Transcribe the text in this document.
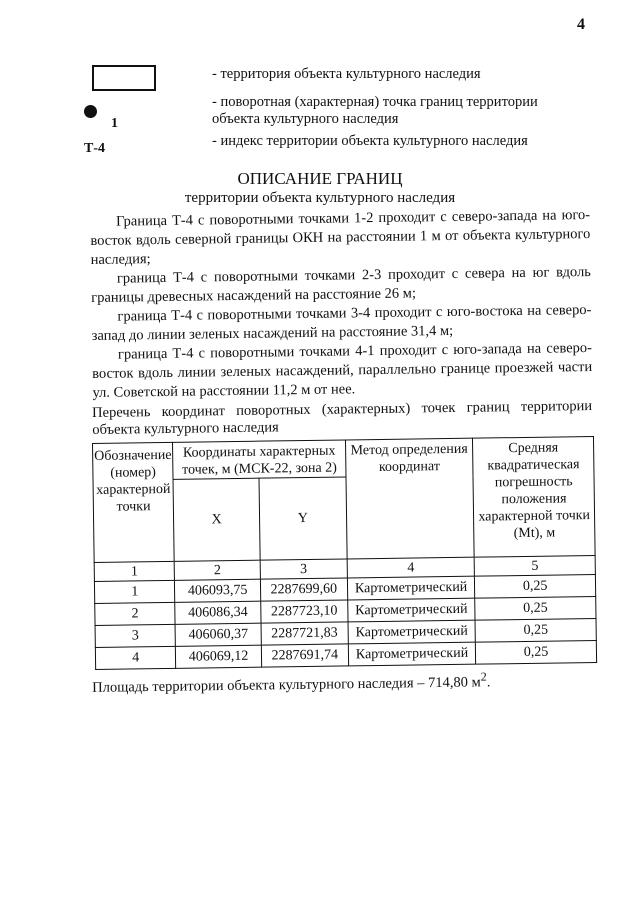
4
- территория объекта культурного наследия
1
- поворотная (характерная) точка границ территории
объекта культурного наследия
Т-4	- индекс территории объекта культурного наследия
ОПИСАНИЕ ГРАНИЦ
территории объекта культурного наследия

Граница Т-4 с поворотными точками 1-2 проходит с северо-запада на юго-восток вдоль северной границы ОКН на расстоянии 1 м от объекта культурного наследия;

граница Т-4 с поворотными точками 2-3 проходит с севера на юг вдоль границы древесных насаждений на расстояние 26 м;

граница Т-4 с поворотными точками 3-4 проходит с юго-востока на северо-запад до линии зеленых насаждений на расстояние 31,4 м;

граница Т-4 с поворотными точками 4-1 проходит с юго-запада на северо-восток вдоль линии зеленых насаждений, параллельно границе проезжей части ул. Советской на расстоянии 11,2 м от нее.

Перечень координат поворотных (характерных) точек границ территории объекта культурного наследия
Обозначение (номер) характерной точки	Координаты характерных точек, м (МСК-22, зона 2)		Метод определения координат	Средняя квадратическая погрешность положения характерной точки (Mt), м
	X	Y		
1	2	3	4	5
1	406093,75	2287699,60	Картометрический	0,25
2	406086,34	2287723,10	Картометрический	0,25
3	406060,37	2287721,83	Картометрический	0,25
4	406069,12	2287691,74	Картометрический	0,25
Площадь территории объекта культурного наследия – 714,80 $м^2$.
